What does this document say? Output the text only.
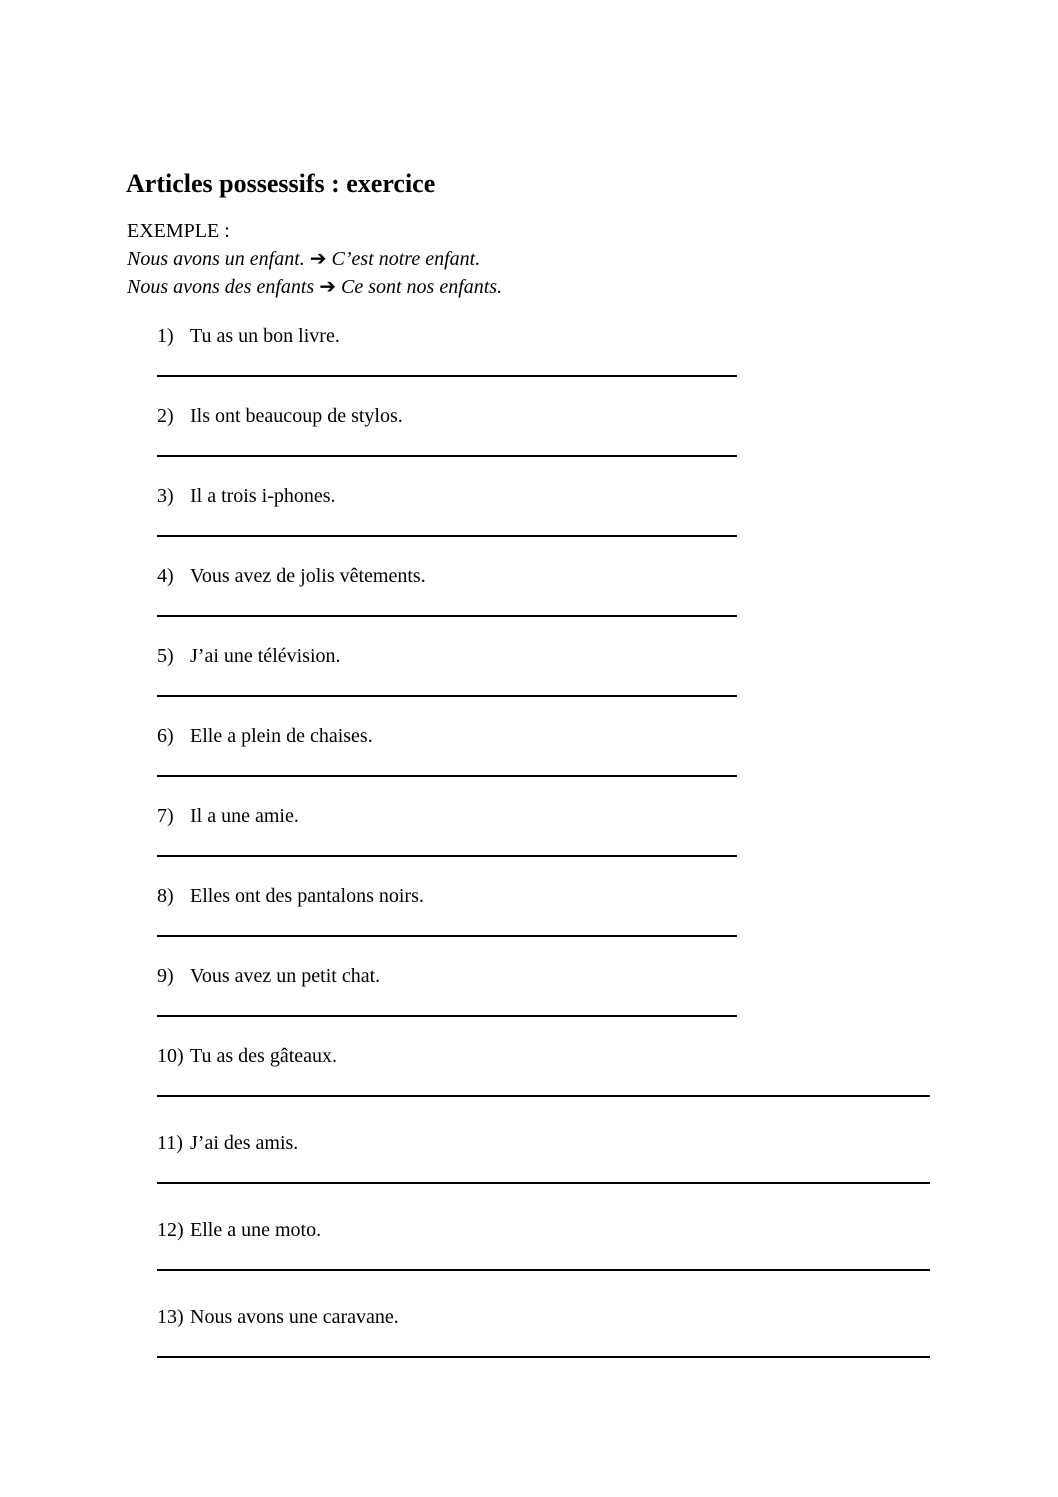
Articles possessifs : exercice
EXEMPLE :
Nous avons un enfant. ➔ C’est notre enfant.
Nous avons des enfants ➔ Ce sont nos enfants.
1) Tu as un bon livre.
2) Ils ont beaucoup de stylos.
3) Il a trois i-phones.
4) Vous avez de jolis vêtements.
5) J’ai une télévision.
6) Elle a plein de chaises.
7) Il a une amie.
8) Elles ont des pantalons noirs.
9) Vous avez un petit chat.
10) Tu as des gâteaux.
11) J’ai des amis.
12) Elle a une moto.
13) Nous avons une caravane.
